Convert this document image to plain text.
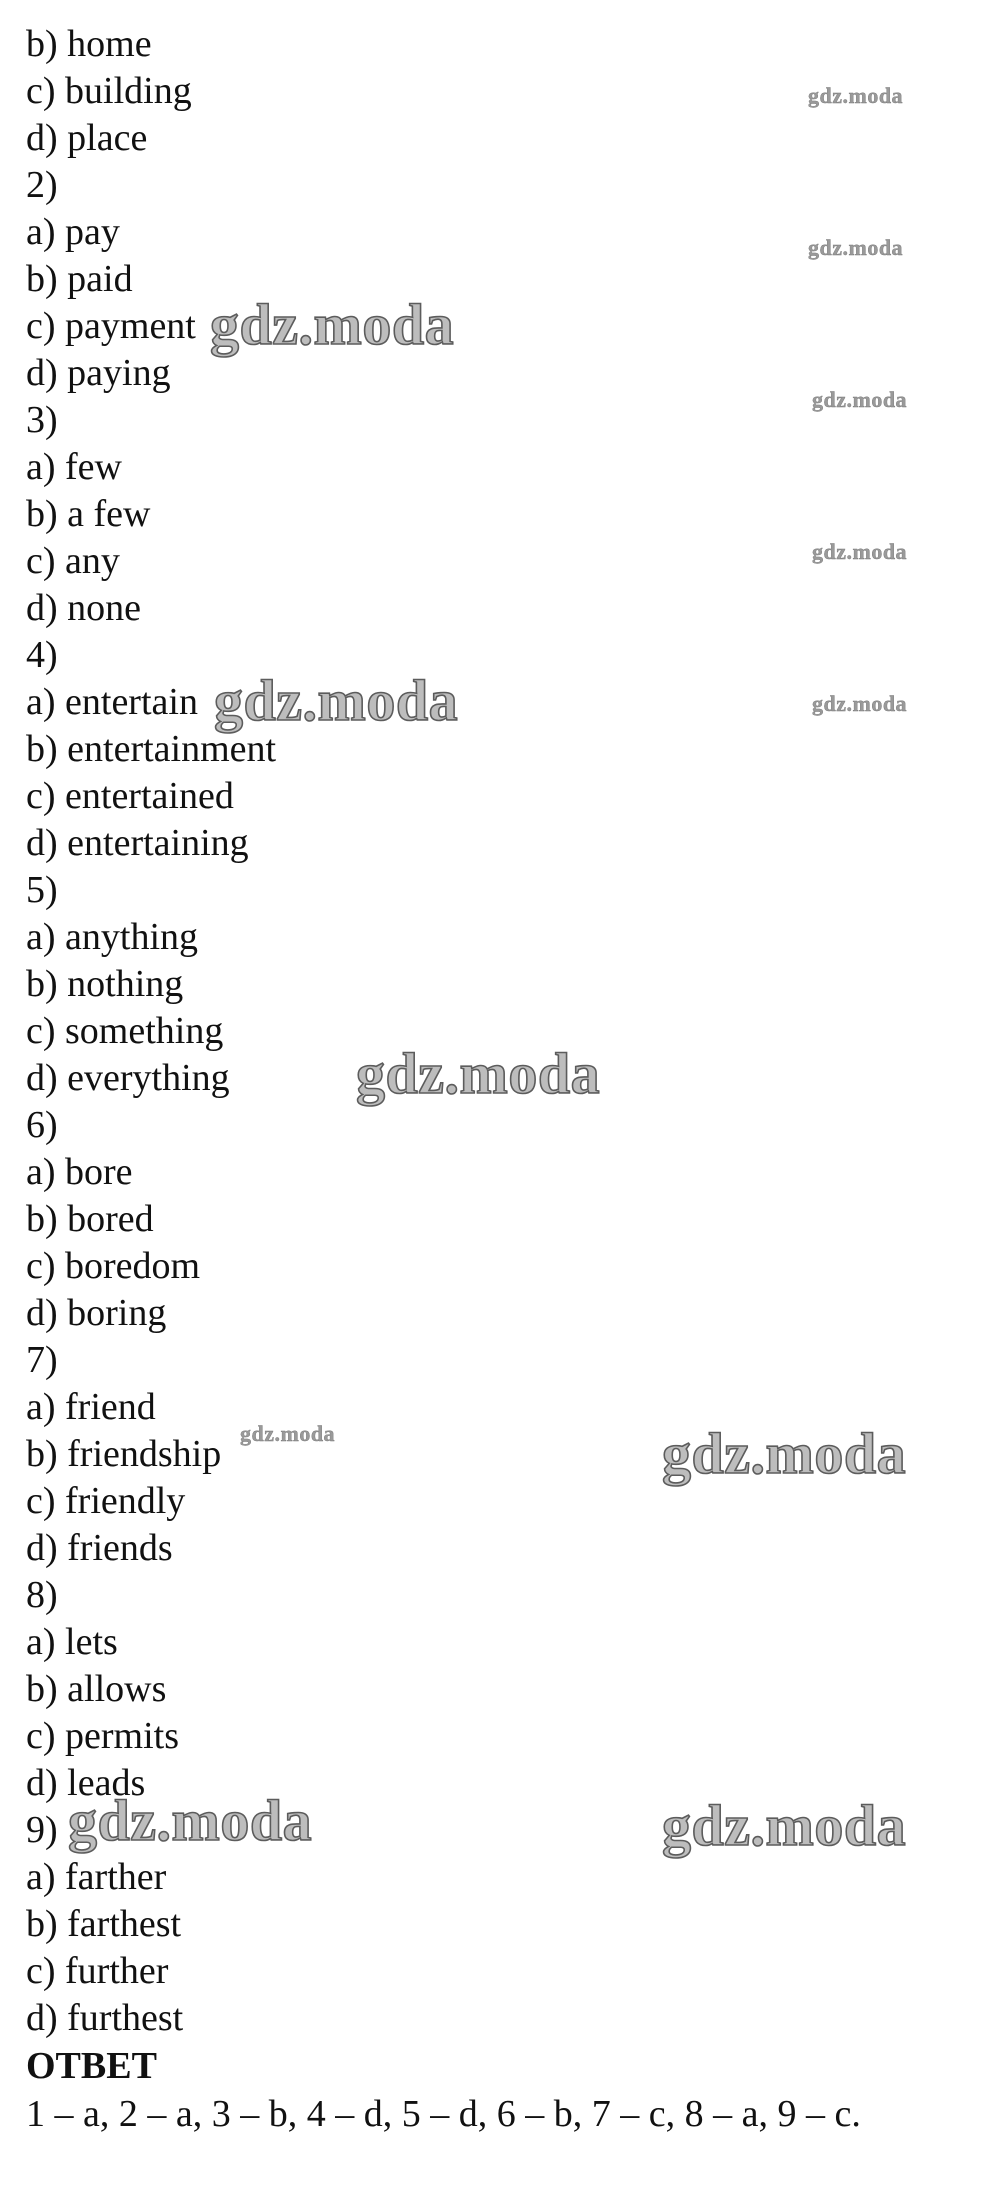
b) home
c) building
d) place
2)
a) pay
b) paid
c) payment
d) paying
3)
a) few
b) a few
c) any
d) none
4)
a) entertain
b) entertainment
c) entertained
d) entertaining
5)
a) anything
b) nothing
c) something
d) everything
6)
a) bore
b) bored
c) boredom
d) boring
7)
a) friend
b) friendship
c) friendly
d) friends
8)
a) lets
b) allows
c) permits
d) leads
9)
a) farther
b) farthest
c) further
d) furthest
ОТВЕТ
1 – a, 2 – a, 3 – b, 4 – d, 5 – d, 6 – b, 7 – c, 8 – a, 9 – c.
gdz.moda
gdz.moda
gdz.moda
gdz.moda
gdz.moda
gdz.moda
gdz.moda
gdz.moda
gdz.moda
gdz.moda
gdz.moda	gdz.moda
